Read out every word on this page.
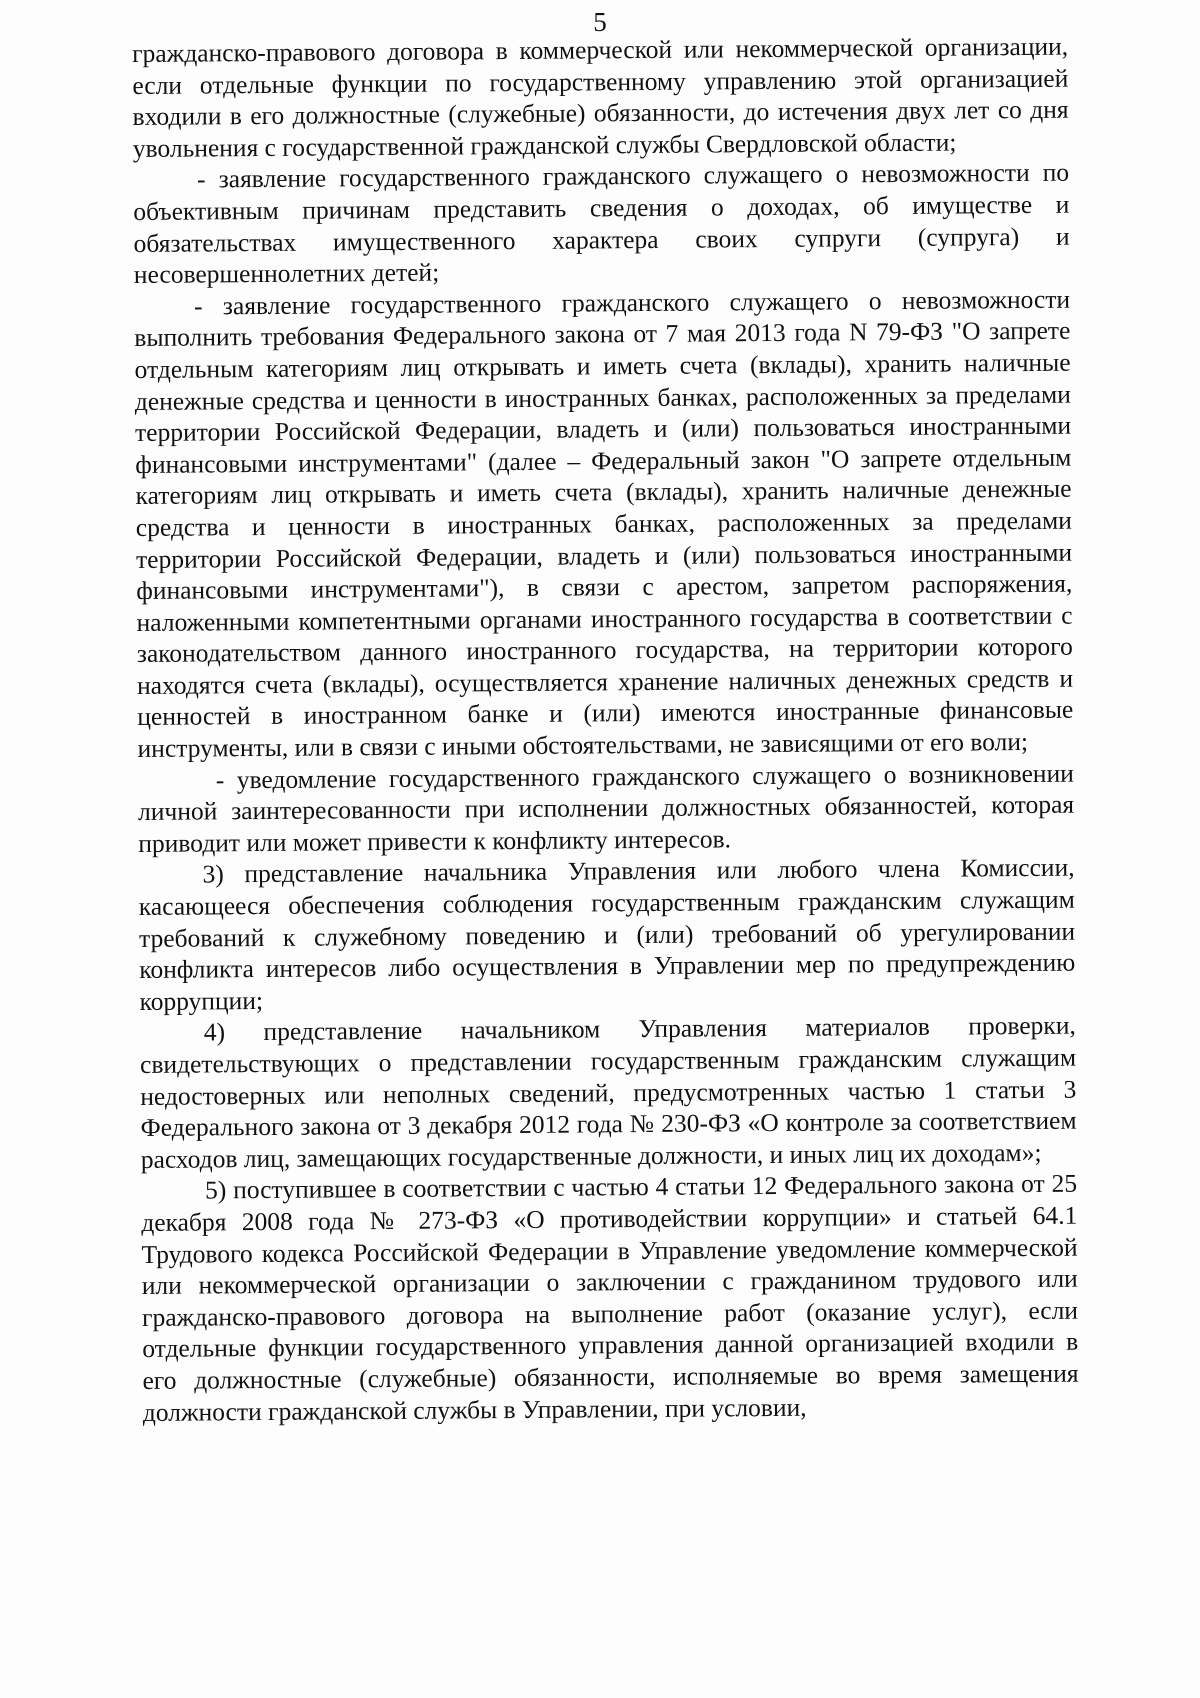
5

гражданско-правового договора в коммерческой или некоммерческой организации, если отдельные функции по государственному управлению этой организацией входили в его должностные (служебные) обязанности, до истечения двух лет со дня увольнения с государственной гражданской службы Свердловской области;

- заявление государственного гражданского служащего о невозможности по объективным причинам представить сведения о доходах, об имуществе и обязательствах имущественного характера своих супруги (супруга) и несовершеннолетних детей;

- заявление государственного гражданского служащего о невозможности выполнить требования Федерального закона от 7 мая 2013 года N 79-ФЗ "О запрете отдельным категориям лиц открывать и иметь счета (вклады), хранить наличные денежные средства и ценности в иностранных банках, расположенных за пределами территории Российской Федерации, владеть и (или) пользоваться иностранными финансовыми инструментами" (далее – Федеральный закон "О запрете отдельным категориям лиц открывать и иметь счета (вклады), хранить наличные денежные средства и ценности в иностранных банках, расположенных за пределами территории Российской Федерации, владеть и (или) пользоваться иностранными финансовыми инструментами"), в связи с арестом, запретом распоряжения, наложенными компетентными органами иностранного государства в соответствии с законодательством данного иностранного государства, на территории которого находятся счета (вклады), осуществляется хранение наличных денежных средств и ценностей в иностранном банке и (или) имеются иностранные финансовые инструменты, или в связи с иными обстоятельствами, не зависящими от его воли;

- уведомление государственного гражданского служащего о возникновении личной заинтересованности при исполнении должностных обязанностей, которая приводит или может привести к конфликту интересов.

3) представление начальника Управления или любого члена Комиссии, касающееся обеспечения соблюдения государственным гражданским служащим требований к служебному поведению и (или) требований об урегулировании конфликта интересов либо осуществления в Управлении мер по предупреждению коррупции;

4) представление начальником Управления материалов проверки, свидетельствующих о представлении государственным гражданским служащим недостоверных или неполных сведений, предусмотренных частью 1 статьи 3 Федерального закона от 3 декабря 2012 года № 230-ФЗ «О контроле за соответствием расходов лиц, замещающих государственные должности, и иных лиц их доходам»;

5) поступившее в соответствии с частью 4 статьи 12 Федерального закона от 25 декабря 2008 года № 273-ФЗ «О противодействии коррупции» и статьей 64.1 Трудового кодекса Российской Федерации в Управление уведомление коммерческой или некоммерческой организации о заключении с гражданином трудового или гражданско-правового договора на выполнение работ (оказание услуг), если отдельные функции государственного управления данной организацией входили в его должностные (служебные) обязанности, исполняемые во время замещения должности гражданской службы в Управлении, при условии,
